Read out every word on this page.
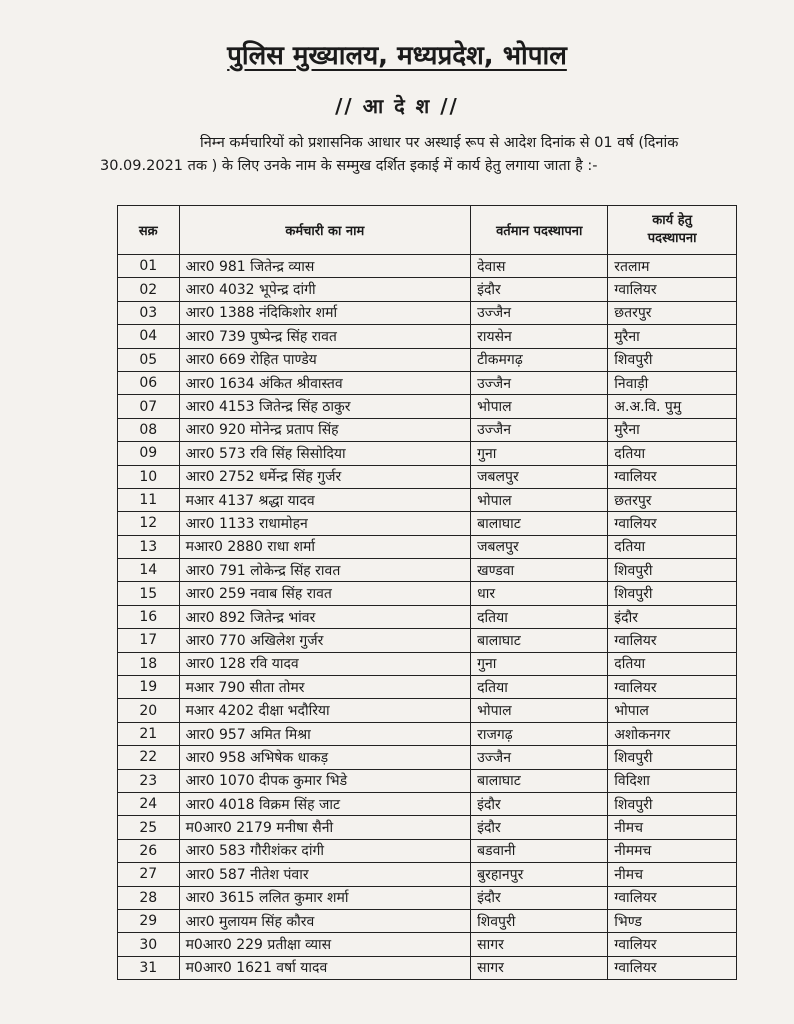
पुलिस मुख्यालय, मध्यप्रदेश, भोपाल
// आ दे श //
निम्न कर्मचारियों को प्रशासनिक आधार पर अस्थाई रूप से आदेश दिनांक से 01 वर्ष (दिनांक 30.09.2021 तक ) के लिए उनके नाम के सम्मुख दर्शित इकाई में कार्य हेतु लगाया जाता है :-
सक्र	कर्मचारी का नाम	वर्तमान पदस्थापना	कार्य हेतु
पदस्थापना

01	आर0 981 जितेन्द्र व्यास	देवास	रतलाम
02	आर0 4032 भूपेन्द्र दांगी	इंदौर	ग्वालियर
03	आर0 1388 नंदिकिशोर शर्मा	उज्जैन	छतरपुर
04	आर0 739 पुष्पेन्द्र सिंह रावत	रायसेन	मुरैना
05	आर0 669 रोहित पाण्डेय	टीकमगढ़	शिवपुरी
06	आर0 1634 अंकित श्रीवास्तव	उज्जैन	निवाड़ी
07	आर0 4153 जितेन्द्र सिंह ठाकुर	भोपाल	अ.अ.वि. पुमु
08	आर0 920 मोनेन्द्र प्रताप सिंह	उज्जैन	मुरैना
09	आर0 573 रवि सिंह सिसोदिया	गुना	दतिया
10	आर0 2752 धर्मेन्द्र सिंह गुर्जर	जबलपुर	ग्वालियर
11	मआर 4137 श्रद्धा यादव	भोपाल	छतरपुर
12	आर0 1133 राधामोहन	बालाघाट	ग्वालियर
13	मआर0 2880 राधा शर्मा	जबलपुर	दतिया
14	आर0 791 लोकेन्द्र सिंह रावत	खण्डवा	शिवपुरी
15	आर0 259 नवाब सिंह रावत	धार	शिवपुरी
16	आर0 892 जितेन्द्र भांवर	दतिया	इंदौर
17	आर0 770 अखिलेश गुर्जर	बालाघाट	ग्वालियर
18	आर0 128 रवि यादव	गुना	दतिया
19	मआर 790 सीता तोमर	दतिया	ग्वालियर
20	मआर 4202 दीक्षा भदौरिया	भोपाल	भोपाल
21	आर0 957 अमित मिश्रा	राजगढ़	अशोकनगर
22	आर0 958 अभिषेक धाकड़	उज्जैन	शिवपुरी
23	आर0 1070 दीपक कुमार भिडे	बालाघाट	विदिशा
24	आर0 4018 विक्रम सिंह जाट	इंदौर	शिवपुरी
25	म0आर0 2179 मनीषा सैनी	इंदौर	नीमच
26	आर0 583 गौरीशंकर दांगी	बडवानी	नीममच
27	आर0 587 नीतेश पंवार	बुरहानपुर	नीमच
28	आर0 3615 ललित कुमार शर्मा	इंदौर	ग्वालियर
29	आर0 मुलायम सिंह कौरव	शिवपुरी	भिण्ड
30	म0आर0 229 प्रतीक्षा व्यास	सागर	ग्वालियर
31	म0आर0 1621 वर्षा यादव	सागर	ग्वालियर
